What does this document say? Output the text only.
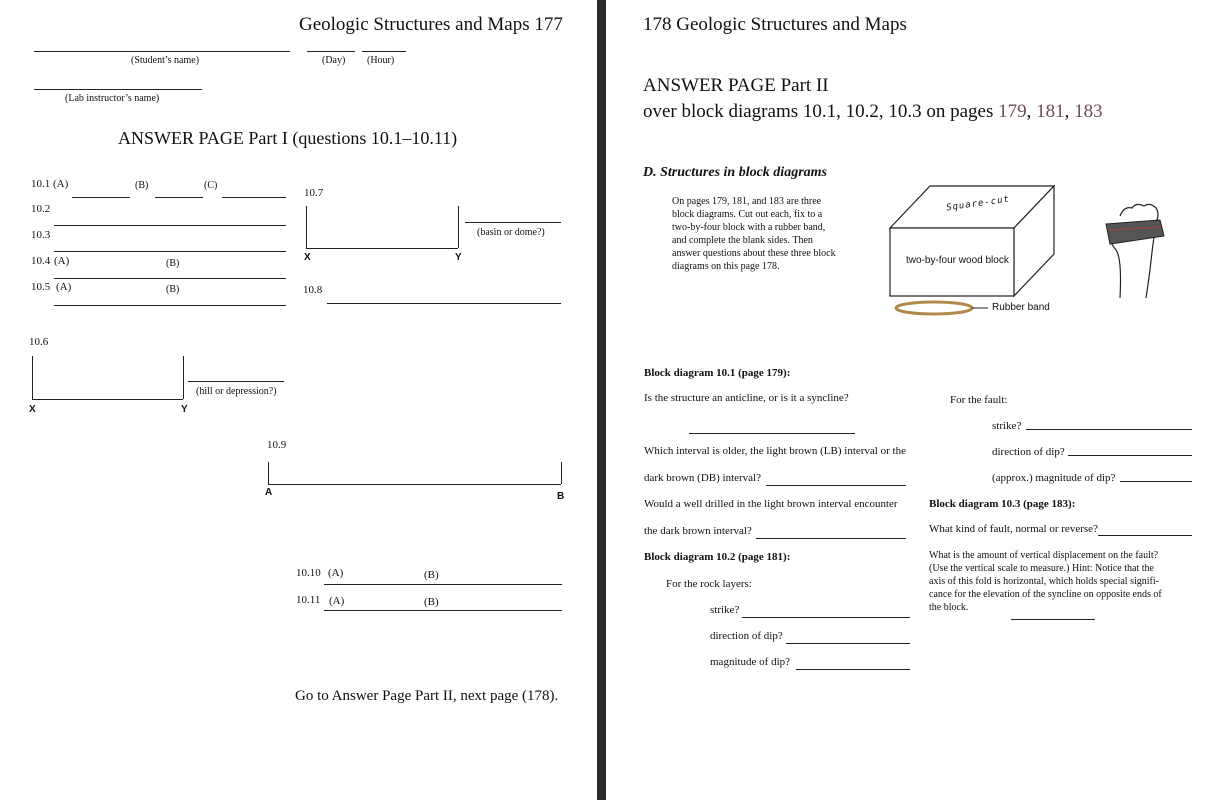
Geologic Structures and Maps 177
(Student’s name)	(Day) (Hour)
(Lab instructor’s name)
ANSWER PAGE Part I (questions 10.1–10.11)
10.1 (A)	(B)	(C)
10.2
10.3
10.4 (A)	(B)
10.5 (A)	(B)
10.6
X	Y
(hill or depression?)
10.7
X	Y
(basin or dome?)
10.8
10.9
A	B
10.10 (A)	(B)
10.11 (A)	(B)
Go to Answer Page Part II, next page (178).
178 Geologic Structures and Maps
ANSWER PAGE Part II
over block diagrams 10.1, 10.2, 10.3 on pages 179, 181, 183
D. Structures in block diagrams
On pages 179, 181, and 183 are three
block diagrams. Cut out each, fix to a
two-by-four block with a rubber band,
and complete the blank sides. Then
answer questions about these three block
diagrams on this page 178.
Square-cut
two-by-four wood block
Rubber band
Block diagram 10.1 (page 179):
Is the structure an anticline, or is it a syncline?
Which interval is older, the light brown (LB) interval or the
dark brown (DB) interval?
Would a well drilled in the light brown interval encounter
the dark brown interval?
Block diagram 10.2 (page 181):
For the rock layers:
strike?
direction of dip?
magnitude of dip?
For the fault:
strike?
direction of dip?
(approx.) magnitude of dip?
Block diagram 10.3 (page 183):
What kind of fault, normal or reverse?
What is the amount of vertical displacement on the fault?
(Use the vertical scale to measure.) Hint: Notice that the
axis of this fold is horizontal, which holds special signifi-
cance for the elevation of the syncline on opposite ends of
the block.
